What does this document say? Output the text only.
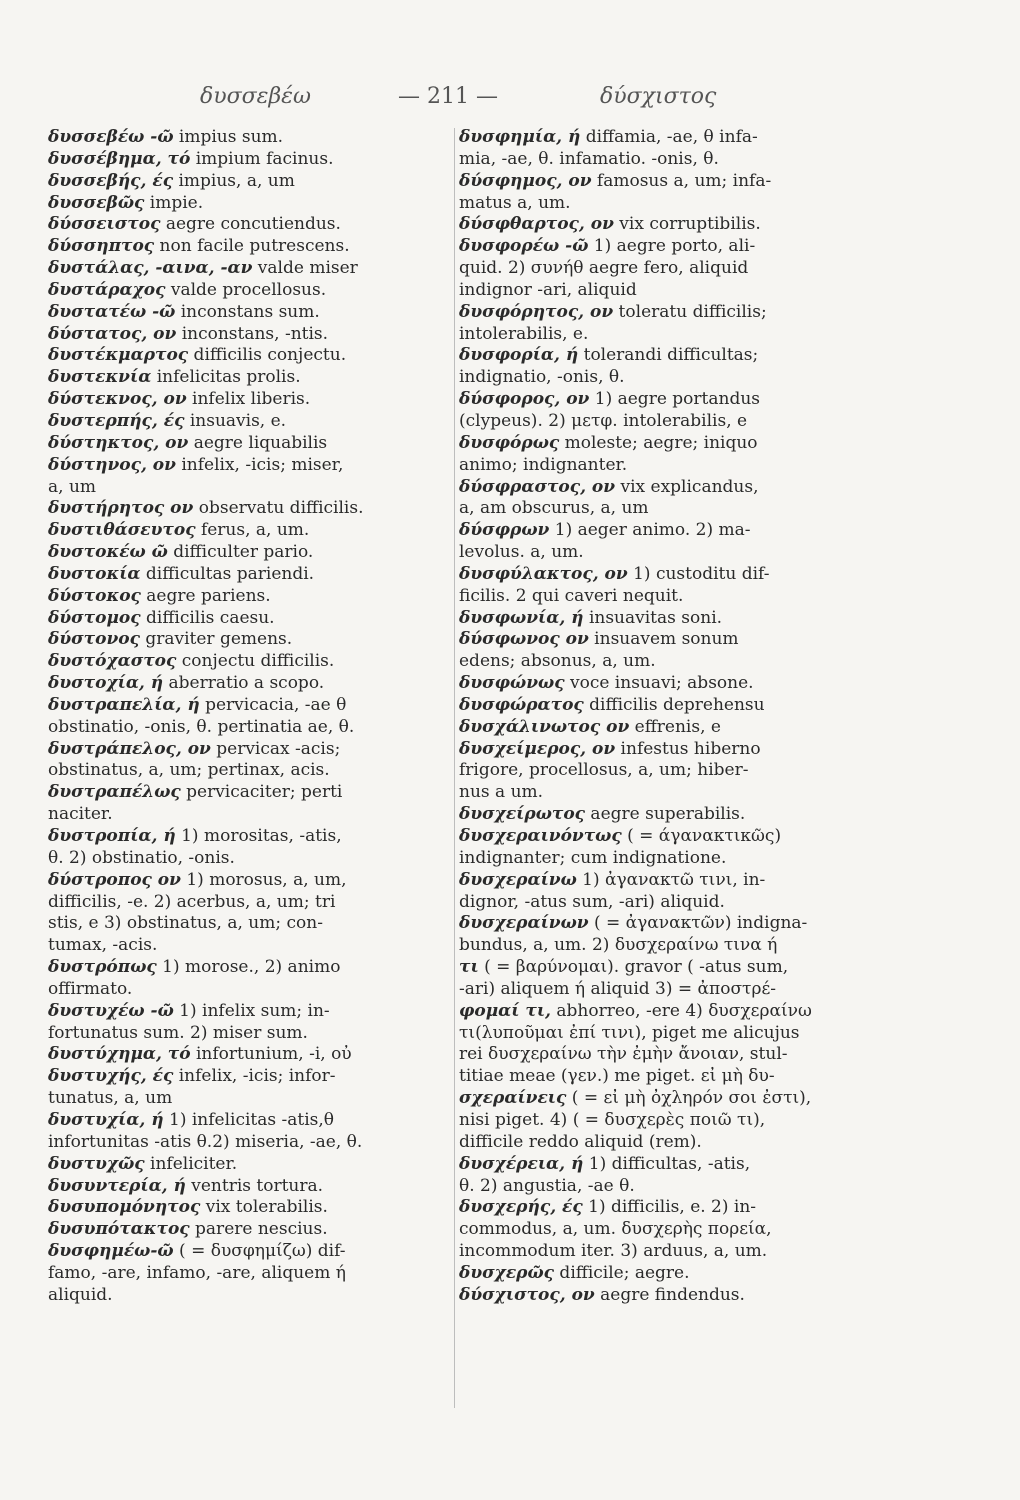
δυσσεβέω	— 211 —	δύσχιστος
δυσσεβέω -ῶ impius sum.
δυσσέβημα, τό impium facinus.
δυσσεβής, ές impius, a, um
δυσσεβῶς impie.
δύσσειστος aegre concutiendus.
δύσσηπτος non facile putrescens.
δυστάλας, -αινα, -αν valde miser
δυστάραχος valde procellosus.
δυστατέω -ῶ inconstans sum.
δύστατος, ον inconstans, -ntis.
δυστέκμαρτος difficilis conjectu.
δυστεκνία infelicitas prolis.
δύστεκνος, ον infelix liberis.
δυστερπής, ές insuavis, e.
δύστηκτος, ον aegre liquabilis
δύστηνος, ον infelix, -icis; miser,
a, um
δυστήρητος ον observatu difficilis.
δυστιθάσευτος ferus, a, um.
δυστοκέω ῶ difficulter pario.
δυστοκία difficultas pariendi.
δύστοκος aegre pariens.
δύστομος difficilis caesu.
δύστονος graviter gemens.
δυστόχαστος conjectu difficilis.
δυστοχία, ή aberratio a scopo.
δυστραπελία, ή pervicacia, -ae θ
obstinatio, -onis, θ. pertinatia ae, θ.
δυστράπελος, ον pervicax -acis;
obstinatus, a, um; pertinax, acis.
δυστραπέλως pervicaciter; perti
naciter.
δυστροπία, ή 1) morositas, -atis,
θ. 2) obstinatio, -onis.
δύστροπος ον 1) morosus, a, um,
difficilis, -e. 2) acerbus, a, um; tri
stis, e 3) obstinatus, a, um; con-
tumax, -acis.
δυστρόπως 1) morose., 2) animo
offirmato.
δυστυχέω -ῶ 1) infelix sum; in-
fortunatus sum. 2) miser sum.
δυστύχημα, τό infortunium, -i, οὐ
δυστυχής, ές infelix, -icis; infor-
tunatus, a, um
δυστυχία, ή 1) infelicitas -atis,θ
infortunitas -atis θ.2) miseria, -ae, θ.
δυστυχῶς infeliciter.
δυσυντερία, ή ventris tortura.
δυσυπομόνητος vix tolerabilis.
δυσυπότακτος parere nescius.
δυσφημέω-ῶ ( = δυσφημίζω) dif-
famo, -are, infamo, -are, aliquem ή
aliquid.
δυσφημία, ή diffamia, -ae, θ infa-
mia, -ae, θ. infamatio. -onis, θ.
δύσφημος, ον famosus a, um; infa-
matus a, um.
δύσφθαρτος, ον vix corruptibilis.
δυσφορέω -ῶ 1) aegre porto, ali-
quid. 2) συνήθ aegre fero, aliquid
indignor -ari, aliquid
δυσφόρητος, ον toleratu difficilis;
intolerabilis, e.
δυσφορία, ή tolerandi difficultas;
indignatio, -onis, θ.
δύσφορος, ον 1) aegre portandus
(clypeus). 2) μετφ. intolerabilis, e
δυσφόρως moleste; aegre; iniquo
animo; indignanter.
δύσφραστος, ον vix explicandus,
a, am obscurus, a, um
δύσφρων 1) aeger animo. 2) ma-
levolus. a, um.
δυσφύλακτος, ον 1) custoditu dif-
ficilis. 2 qui caveri nequit.
δυσφωνία, ή insuavitas soni.
δύσφωνος ον insuavem sonum
edens; absonus, a, um.
δυσφώνως voce insuavi; absone.
δυσφώρατος difficilis deprehensu
δυσχάλινωτος ον effrenis, e
δυσχείμερος, ον infestus hiberno
frigore, procellosus, a, um; hiber-
nus a um.
δυσχείρωτος aegre superabilis.
δυσχεραινόντως ( = άγανακτικῶς)
indignanter; cum indignatione.
δυσχεραίνω 1) ἀγανακτῶ τινι, in-
dignor, -atus sum, -ari) aliquid.
δυσχεραίνων ( = ἀγανακτῶν) indigna-
bundus, a, um. 2) δυσχεραίνω τινα ή
τι ( = βαρύνομαι). gravor ( -atus sum,
-ari) aliquem ή aliquid 3) = ἀποστρέ-
φομαί τι, abhorreo, -ere 4) δυσχεραίνω
τι(λυποῦμαι ἐπί τινι), piget me alicujus
rei δυσχεραίνω τὴν ἐμὴν ἄνοιαν, stul-
titiae meae (γεν.) me piget. εἰ μὴ δυ-
σχεραίνεις ( = εἰ μὴ ὀχληρόν σοι ἐστι),
nisi piget. 4) ( = δυσχερὲς ποιῶ τι),
difficile reddo aliquid (rem).
δυσχέρεια, ή 1) difficultas, -atis,
θ. 2) angustia, -ae θ.
δυσχερής, ές 1) difficilis, e. 2) in-
commodus, a, um. δυσχερὴς πορεία,
incommodum iter. 3) arduus, a, um.
δυσχερῶς difficile; aegre.
δύσχιστος, ον aegre findendus.
